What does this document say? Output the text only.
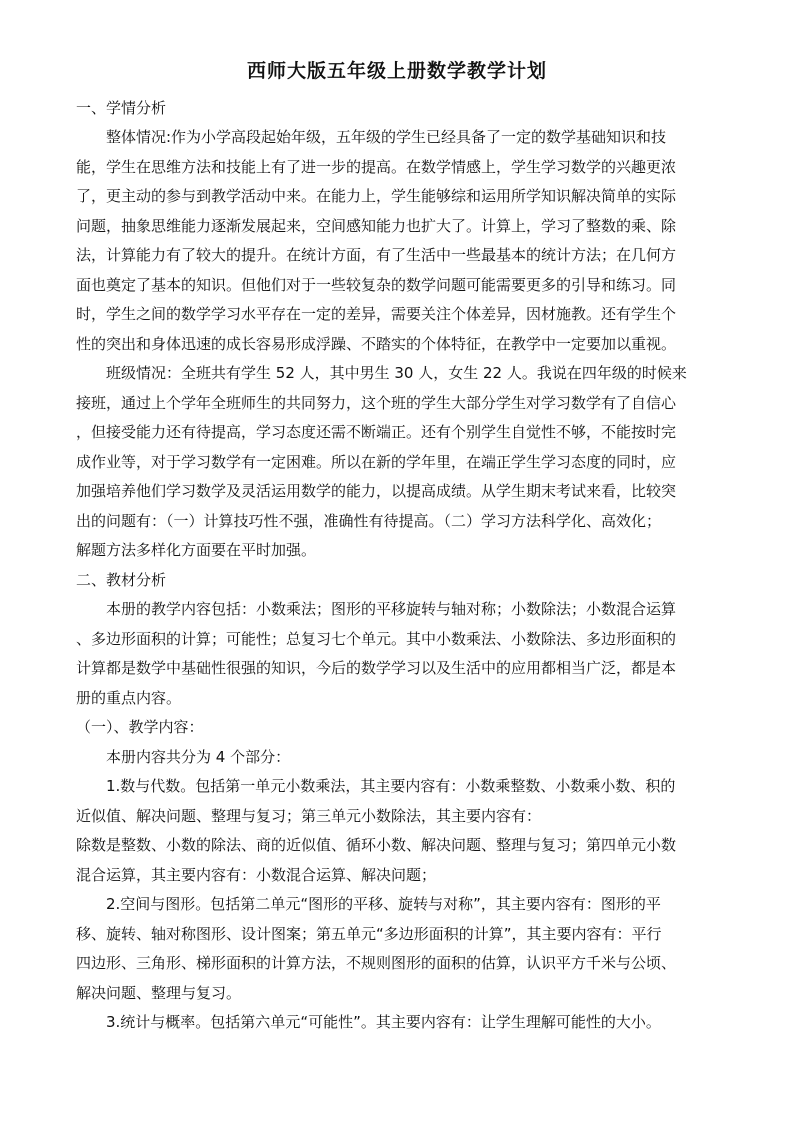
西师大版五年级上册数学教学计划
一、学情分析
整体情况:作为小学高段起始年级，五年级的学生已经具备了一定的数学基础知识和技
能，学生在思维方法和技能上有了进一步的提高。在数学情感上，学生学习数学的兴趣更浓
了，更主动的参与到教学活动中来。在能力上，学生能够综和运用所学知识解决简单的实际
问题，抽象思维能力逐渐发展起来，空间感知能力也扩大了。计算上，学习了整数的乘、除
法，计算能力有了较大的提升。在统计方面，有了生活中一些最基本的统计方法；在几何方
面也奠定了基本的知识。但他们对于一些较复杂的数学问题可能需要更多的引导和练习。同
时，学生之间的数学学习水平存在一定的差异，需要关注个体差异，因材施教。还有学生个
性的突出和身体迅速的成长容易形成浮躁、不踏实的个体特征，在教学中一定要加以重视。
班级情况：全班共有学生 52 人，其中男生 30 人，女生 22 人。我说在四年级的时候来
接班，通过上个学年全班师生的共同努力，这个班的学生大部分学生对学习数学有了自信心
，但接受能力还有待提高，学习态度还需不断端正。还有个别学生自觉性不够，不能按时完
成作业等，对于学习数学有一定困难。所以在新的学年里，在端正学生学习态度的同时，应
加强培养他们学习数学及灵活运用数学的能力，以提高成绩。从学生期末考试来看，比较突
出的问题有：（一）计算技巧性不强，准确性有待提高。（二）学习方法科学化、高效化；
解题方法多样化方面要在平时加强。
二、教材分析
本册的教学内容包括：小数乘法；图形的平移旋转与轴对称；小数除法；小数混合运算
、多边形面积的计算；可能性；总复习七个单元。其中小数乘法、小数除法、多边形面积的
计算都是数学中基础性很强的知识，今后的数学学习以及生活中的应用都相当广泛，都是本
册的重点内容。
（一）、教学内容：
本册内容共分为 4 个部分：
1.数与代数。包括第一单元小数乘法，其主要内容有：小数乘整数、小数乘小数、积的
近似值、解决问题、整理与复习；第三单元小数除法，其主要内容有：
除数是整数、小数的除法、商的近似值、循环小数、解决问题、整理与复习；第四单元小数
混合运算，其主要内容有：小数混合运算、解决问题；
2.空间与图形。包括第二单元“图形的平移、旋转与对称”，其主要内容有：图形的平
移、旋转、轴对称图形、设计图案；第五单元“多边形面积的计算”，其主要内容有：平行
四边形、三角形、梯形面积的计算方法，不规则图形的面积的估算，认识平方千米与公顷、
解决问题、整理与复习。
3.统计与概率。包括第六单元“可能性”。其主要内容有：让学生理解可能性的大小。
